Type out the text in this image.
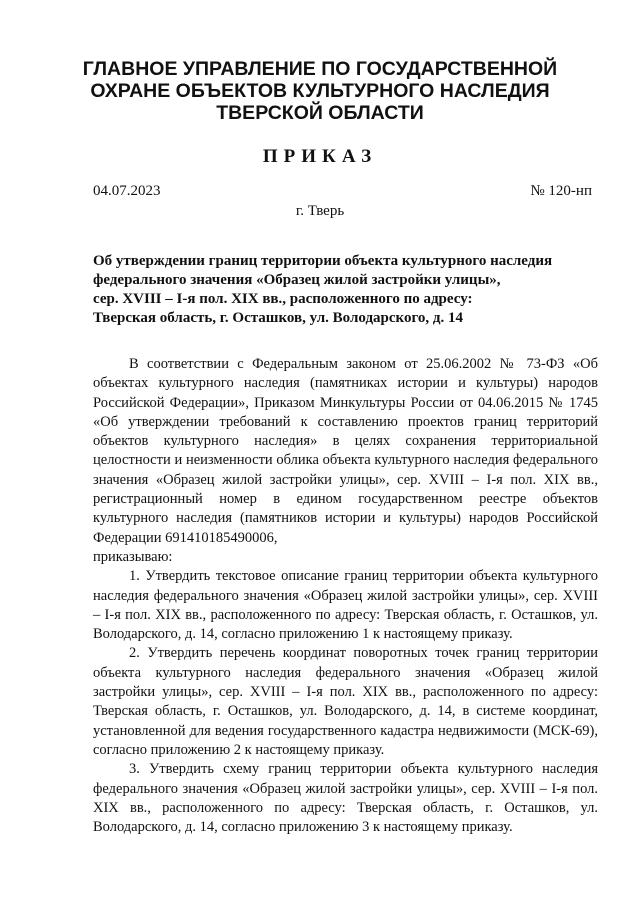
ГЛАВНОЕ УПРАВЛЕНИЕ ПО ГОСУДАРСТВЕННОЙ
ОХРАНЕ ОБЪЕКТОВ КУЛЬТУРНОГО НАСЛЕДИЯ
ТВЕРСКОЙ ОБЛАСТИ
ПРИКАЗ
04.07.2023	№ 120-нп
г. Тверь
Об утверждении границ территории объекта культурного наследия
федерального значения «Образец жилой застройки улицы»,
сер. XVIII – I-я пол. XIX вв., расположенного по адресу:
Тверская область, г. Осташков, ул. Володарского, д. 14

В соответствии с Федеральным законом от 25.06.2002 № 73-ФЗ «Об объектах культурного наследия (памятниках истории и культуры) народов Российской Федерации», Приказом Минкультуры России от 04.06.2015 № 1745 «Об утверждении требований к составлению проектов границ территорий объектов культурного наследия» в целях сохранения территориальной целостности и неизменности облика объекта культурного наследия федерального значения «Образец жилой застройки улицы», сер. XVIII – I-я пол. XIX вв., регистрационный номер в едином государственном реестре объектов культурного наследия (памятников истории и культуры) народов Российской Федерации 691410185490006,

приказываю:

1. Утвердить текстовое описание границ территории объекта культурного наследия федерального значения «Образец жилой застройки улицы», сер. XVIII – I-я пол. XIX вв., расположенного по адресу: Тверская область, г. Осташков, ул. Володарского, д. 14, согласно приложению 1 к настоящему приказу.

2. Утвердить перечень координат поворотных точек границ территории объекта культурного наследия федерального значения «Образец жилой застройки улицы», сер. XVIII – I-я пол. XIX вв., расположенного по адресу: Тверская область, г. Осташков, ул. Володарского, д. 14, в системе координат, установленной для ведения государственного кадастра недвижимости (МСК-69), согласно приложению 2 к настоящему приказу.

3. Утвердить схему границ территории объекта культурного наследия федерального значения «Образец жилой застройки улицы», сер. XVIII – I-я пол. XIX вв., расположенного по адресу: Тверская область, г. Осташков, ул. Володарского, д. 14, согласно приложению 3 к настоящему приказу.
